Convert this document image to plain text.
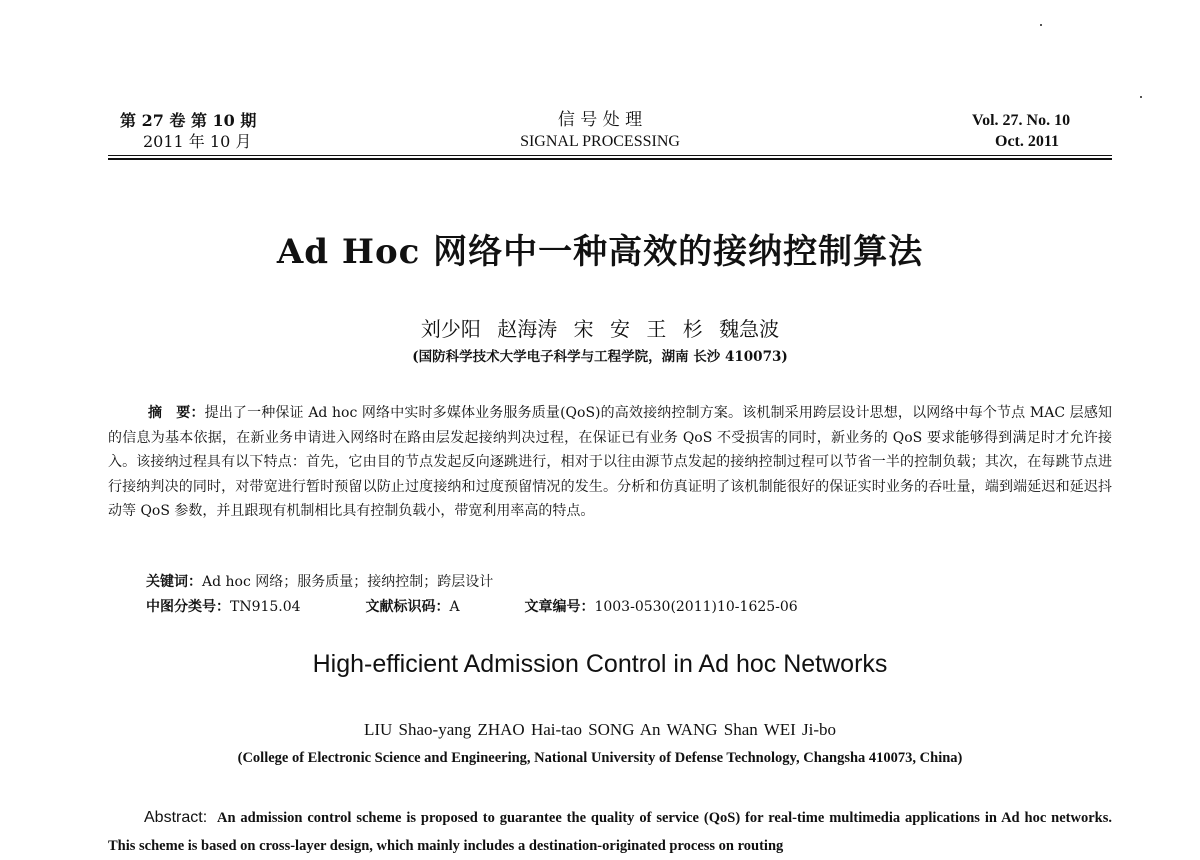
第 27 卷 第 10 期
2011 年 10 月
信 号 处 理
SIGNAL PROCESSING
Vol. 27. No. 10
Oct. 2011
Ad Hoc 网络中一种高效的接纳控制算法
刘少阳 赵海涛 宋 安 王 杉 魏急波
(国防科学技术大学电子科学与工程学院，湖南 长沙 410073)
摘　要：提出了一种保证 Ad hoc 网络中实时多媒体业务服务质量(QoS)的高效接纳控制方案。该机制采用跨层设计思想，以网络中每个节点 MAC 层感知的信息为基本依据，在新业务申请进入网络时在路由层发起接纳判决过程，在保证已有业务 QoS 不受损害的同时，新业务的 QoS 要求能够得到满足时才允许接入。该接纳过程具有以下特点：首先，它由目的节点发起反向逐跳进行，相对于以往由源节点发起的接纳控制过程可以节省一半的控制负载；其次，在每跳节点进行接纳判决的同时，对带宽进行暂时预留以防止过度接纳和过度预留情况的发生。分析和仿真证明了该机制能很好的保证实时业务的吞吐量，端到端延迟和延迟抖动等 QoS 参数，并且跟现有机制相比具有控制负载小，带宽利用率高的特点。
关键词：Ad hoc 网络；服务质量；接纳控制；跨层设计
中图分类号：TN915.04	文献标识码：A	文章编号：1003-0530(2011)10-1625-06
High-efficient Admission Control in Ad hoc Networks
LIU Shao-yang ZHAO Hai-tao SONG An WANG Shan WEI Ji-bo
(College of Electronic Science and Engineering, National University of Defense Technology, Changsha 410073, China)
Abstract: An admission control scheme is proposed to guarantee the quality of service (QoS) for real-time multimedia applications in Ad hoc networks. This scheme is based on cross-layer design, which mainly includes a destination-originated process on routing
